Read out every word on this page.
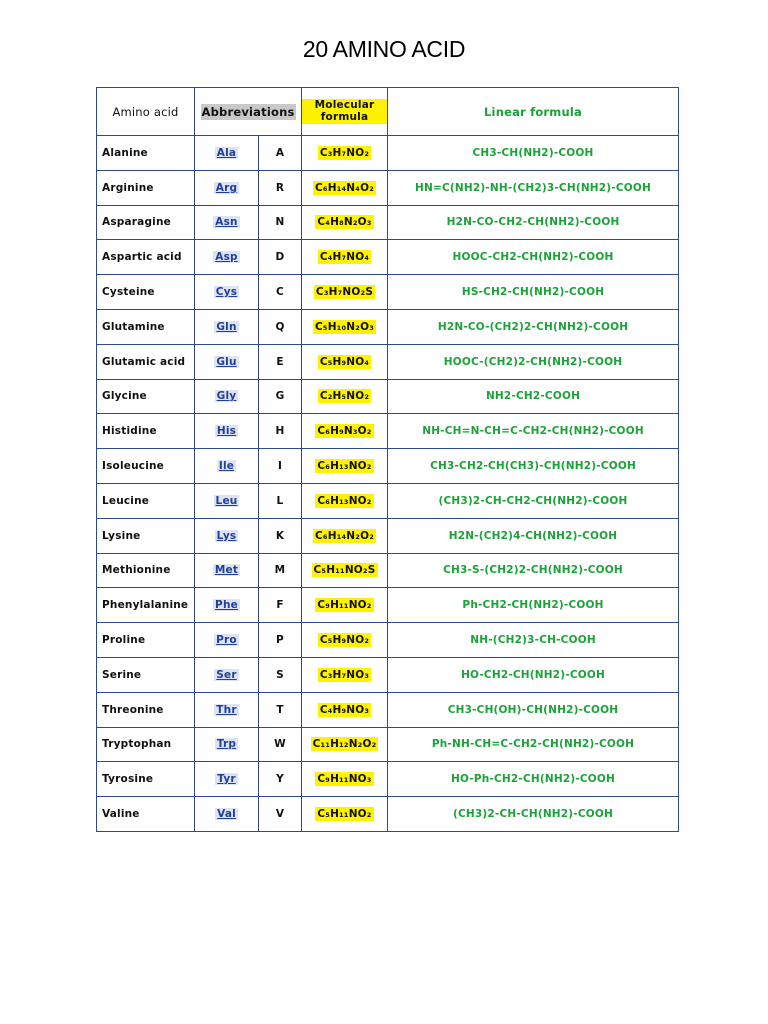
20 AMINO ACID
Amino acid	Abbreviations		Molecular formula	Linear formula
Alanine	Ala	A	C₃H₇NO₂	CH3-CH(NH2)-COOH
Arginine	Arg	R	C₆H₁₄N₄O₂	HN=C(NH2)-NH-(CH2)3-CH(NH2)-COOH
Asparagine	Asn	N	C₄H₈N₂O₃	H2N-CO-CH2-CH(NH2)-COOH
Aspartic acid	Asp	D	C₄H₇NO₄	HOOC-CH2-CH(NH2)-COOH
Cysteine	Cys	C	C₃H₇NO₂S	HS-CH2-CH(NH2)-COOH
Glutamine	Gln	Q	C₅H₁₀N₂O₃	H2N-CO-(CH2)2-CH(NH2)-COOH
Glutamic acid	Glu	E	C₅H₉NO₄	HOOC-(CH2)2-CH(NH2)-COOH
Glycine	Gly	G	C₂H₅NO₂	NH2-CH2-COOH
Histidine	His	H	C₆H₉N₃O₂	NH-CH=N-CH=C-CH2-CH(NH2)-COOH
Isoleucine	Ile	I	C₆H₁₃NO₂	CH3-CH2-CH(CH3)-CH(NH2)-COOH
Leucine	Leu	L	C₆H₁₃NO₂	(CH3)2-CH-CH2-CH(NH2)-COOH
Lysine	Lys	K	C₆H₁₄N₂O₂	H2N-(CH2)4-CH(NH2)-COOH
Methionine	Met	M	C₅H₁₁NO₂S	CH3-S-(CH2)2-CH(NH2)-COOH
Phenylalanine	Phe	F	C₉H₁₁NO₂	Ph-CH2-CH(NH2)-COOH
Proline	Pro	P	C₅H₉NO₂	NH-(CH2)3-CH-COOH
Serine	Ser	S	C₃H₇NO₃	HO-CH2-CH(NH2)-COOH
Threonine	Thr	T	C₄H₉NO₃	CH3-CH(OH)-CH(NH2)-COOH
Tryptophan	Trp	W	C₁₁H₁₂N₂O₂	Ph-NH-CH=C-CH2-CH(NH2)-COOH
Tyrosine	Tyr	Y	C₉H₁₁NO₃	HO-Ph-CH2-CH(NH2)-COOH
Valine	Val	V	C₅H₁₁NO₂	(CH3)2-CH-CH(NH2)-COOH
